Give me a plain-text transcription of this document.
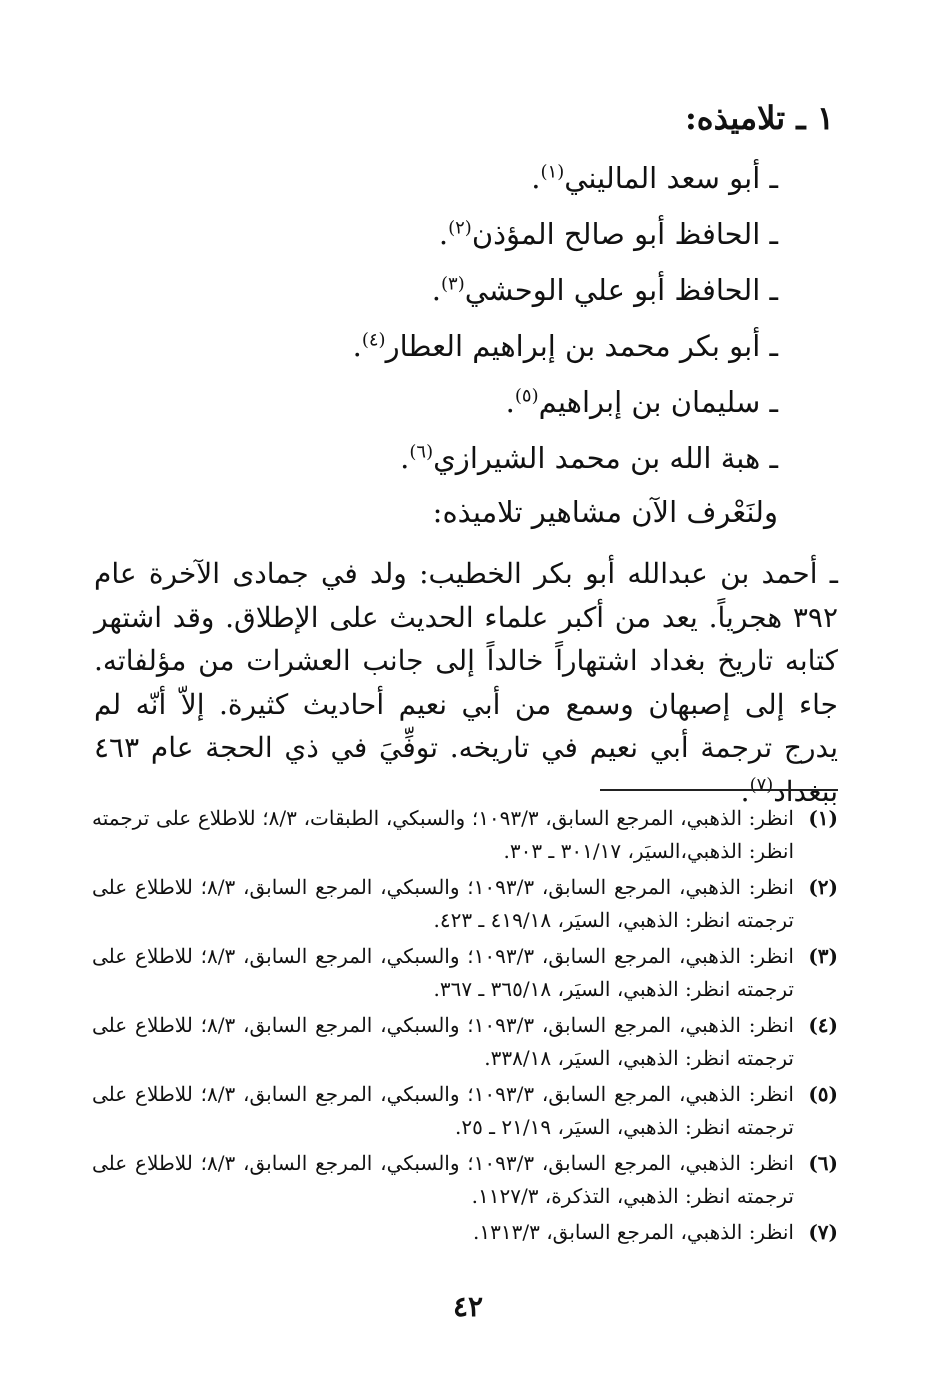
١ ـ تلاميذه:
ـ أبو سعد الماليني$^{(١)}$.
ـ الحافظ أبو صالح المؤذن$^{(٢)}$.
ـ الحافظ أبو علي الوحشي$^{(٣)}$.
ـ أبو بكر محمد بن إبراهيم العطار$^{(٤)}$.
ـ سليمان بن إبراهيم$^{(٥)}$.
ـ هبة الله بن محمد الشيرازي$^{(٦)}$.
ولنَعْرف الآن مشاهير تلاميذه:
ـ أحمد بن عبدالله أبو بكر الخطيب: ولد في جمادى الآخرة عام ٣٩٢ هجرياً. يعد من أكبر علماء الحديث على الإطلاق. وقد اشتهر كتابه تاريخ بغداد اشتهاراً خالداً إلى جانب العشرات من مؤلفاته. جاء إلى إصبهان وسمع من أبي نعيم أحاديث كثيرة. إلاّ أنّه لم يدرج ترجمة أبي نعيم في تاريخه. توفِّيَ في ذي الحجة عام ٤٦٣ ببغداد$^{(٧)}$.
(١)
انظر: الذهبي، المرجع السابق، ١٠٩٣/٣؛ والسبكي، الطبقات، ٨/٣؛ للاطلاع على ترجمته انظر: الذهبي،السيَر، ٣٠١/١٧ ـ ٣٠٣.
(٢)
انظر: الذهبي، المرجع السابق، ١٠٩٣/٣؛ والسبكي، المرجع السابق، ٨/٣؛ للاطلاع على ترجمته انظر: الذهبي، السيَر، ٤١٩/١٨ ـ ٤٢٣.
(٣)
انظر: الذهبي، المرجع السابق، ١٠٩٣/٣؛ والسبكي، المرجع السابق، ٨/٣؛ للاطلاع على ترجمته انظر: الذهبي، السيَر، ٣٦٥/١٨ ـ ٣٦٧.
(٤)
انظر: الذهبي، المرجع السابق، ١٠٩٣/٣؛ والسبكي، المرجع السابق، ٨/٣؛ للاطلاع على ترجمته انظر: الذهبي، السيَر، ٣٣٨/١٨.
(٥)
انظر: الذهبي، المرجع السابق، ١٠٩٣/٣؛ والسبكي، المرجع السابق، ٨/٣؛ للاطلاع على ترجمته انظر: الذهبي، السيَر، ٢١/١٩ ـ ٢٥.
(٦)
انظر: الذهبي، المرجع السابق، ١٠٩٣/٣؛ والسبكي، المرجع السابق، ٨/٣؛ للاطلاع على ترجمته انظر: الذهبي، التذكرة، ١١٢٧/٣.
(٧)
انظر: الذهبي، المرجع السابق، ١٣١٣/٣.
٤٢
